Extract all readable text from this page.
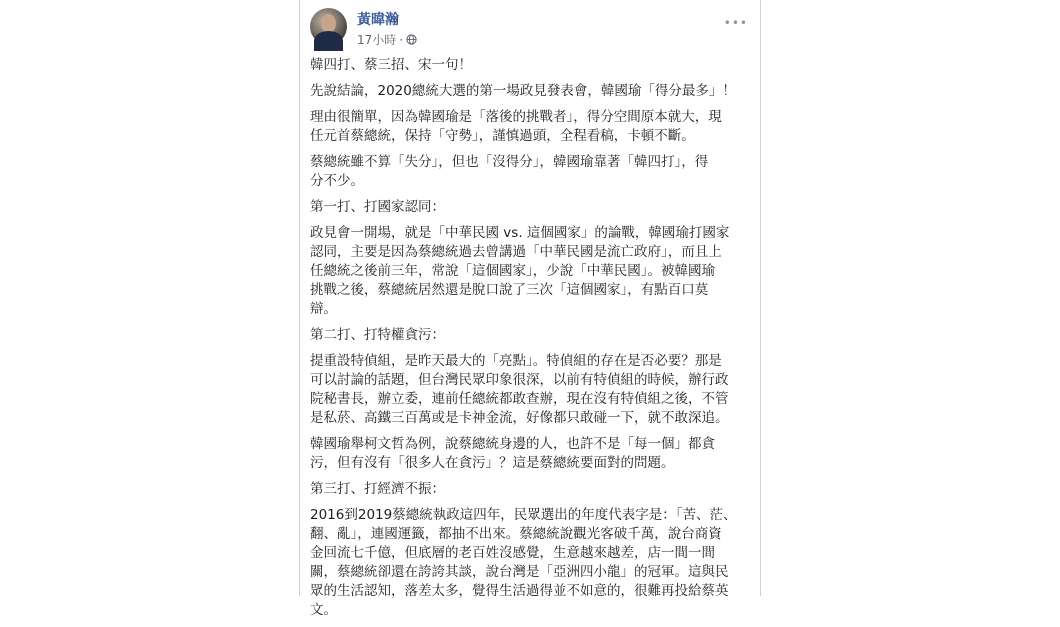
黃暐瀚
17小時 ·
•••

韓四打、蔡三招、宋一句！

先說結論，2020總統大選的第一場政見發表會，韓國瑜「得分最多」！

理由很簡單，因為韓國瑜是「落後的挑戰者」，得分空間原本就大，現
任元首蔡總統，保持「守勢」，謹慎過頭，全程看稿，卡頓不斷。

蔡總統雖不算「失分」，但也「沒得分」，韓國瑜靠著「韓四打」，得
分不少。

第一打、打國家認同：

政見會一開場，就是「中華民國 vs. 這個國家」的論戰，韓國瑜打國家
認同，主要是因為蔡總統過去曾講過「中華民國是流亡政府」，而且上
任總統之後前三年，常說「這個國家」，少說「中華民國」。被韓國瑜
挑戰之後，蔡總統居然還是脫口說了三次「這個國家」，有點百口莫
辯。

第二打、打特權貪污：

提重設特偵組，是昨天最大的「亮點」。特偵組的存在是否必要？那是
可以討論的話題，但台灣民眾印象很深，以前有特偵組的時候，辦行政
院秘書長，辦立委，連前任總統都敢查辦，現在沒有特偵組之後，不管
是私菸、高鐵三百萬或是卡神金流，好像都只敢碰一下，就不敢深追。

韓國瑜舉柯文哲為例，說蔡總統身邊的人，也許不是「每一個」都貪
污，但有沒有「很多人在貪污」？這是蔡總統要面對的問題。

第三打、打經濟不振：

2016到2019蔡總統執政這四年，民眾選出的年度代表字是：「苦、茫、
翻、亂」，連國運籤，都抽不出來。蔡總統說觀光客破千萬，說台商資
金回流七千億，但底層的老百姓沒感覺，生意越來越差，店一間一間
關，蔡總統卻還在誇誇其談，說台灣是「亞洲四小龍」的冠軍。這與民
眾的生活認知，落差太多，覺得生活過得並不如意的，很難再投給蔡英
文。
